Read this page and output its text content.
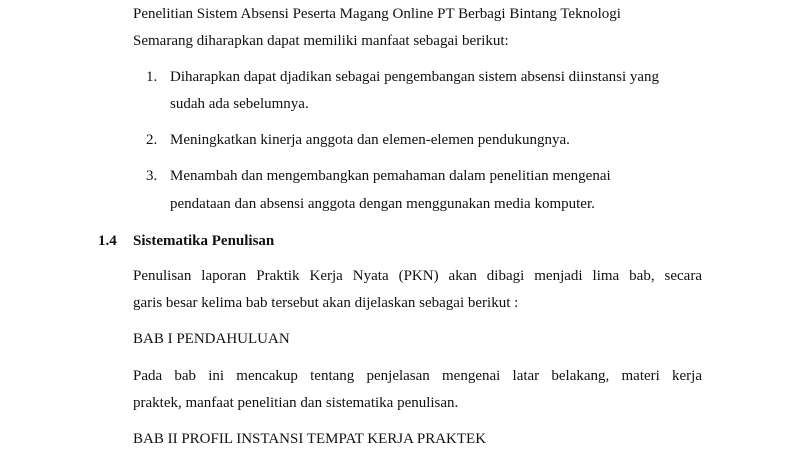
Penelitian Sistem Absensi Peserta Magang Online PT Berbagi Bintang Teknologi
Semarang diharapkan dapat memiliki manfaat sebagai berikut:
1. Diharapkan dapat djadikan sebagai pengembangan sistem absensi diinstansi yang
sudah ada sebelumnya.
2. Meningkatkan kinerja anggota dan elemen-elemen pendukungnya.
3. Menambah dan mengembangkan pemahaman dalam penelitian mengenai
pendataan dan absensi anggota dengan menggunakan media komputer.
1.4 Sistematika Penulisan
Penulisan laporan Praktik Kerja Nyata (PKN) akan dibagi menjadi lima bab, secara
garis besar kelima bab tersebut akan dijelaskan sebagai berikut :
BAB I PENDAHULUAN
Pada bab ini mencakup tentang penjelasan mengenai latar belakang, materi kerja
praktek, manfaat penelitian dan sistematika penulisan.
BAB II PROFIL INSTANSI TEMPAT KERJA PRAKTEK
